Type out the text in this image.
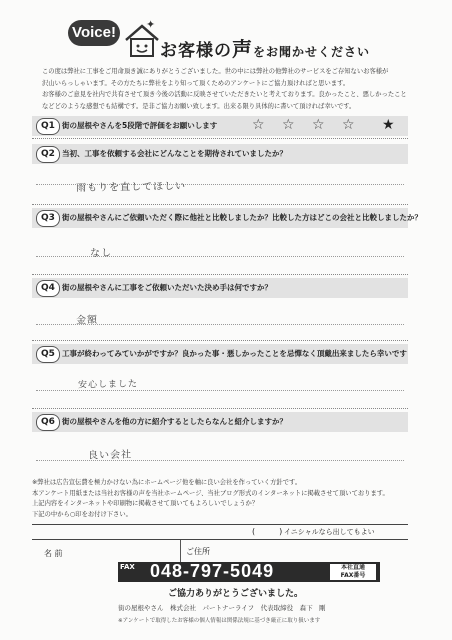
Voice!	✦
お客様の声をお聞かせください
この度は弊社に工事をご用命頂き誠にありがとうございました。世の中には弊社の他弊社のサービスをご存知ないお客様が
沢山いらっしゃいます。その方たちに弊社をより知って頂くためのアンケートにご協力頂ければと思います。
お客様のご意見を社内で共有させて頂き今後の活動に反映させていただきたいと考えております。良かったこと、悪しかったこと
などどのような感想でも結構です。是非ご協力お願い致します。出来る限り具体的に書いて頂ければ幸いです。
Q1 街の屋根やさんを5段階で評価をお願いします ☆ ☆ ☆ ☆ ★
Q2 当初、工事を依頼する会社にどんなことを期待されていましたか？
雨もりを直してほしい
Q3 街の屋根やさんにご依頼いただく際に他社と比較しましたか？比較した方はどこの会社と比較しましたか？
なし
Q4 街の屋根やさんに工事をご依頼いただいた決め手は何ですか？
金額
Q5 工事が終わってみていかがですか？良かった事・悪しかったことを忌憚なく頂戴出来ましたら幸いです
安心しました
Q6 街の屋根やさんを他の方に紹介するとしたらなんと紹介しますか？
良い会社
※弊社は広告宣伝費を極力かけない為にホームページ他を軸に良い会社を作っていく方針です。
本アンケート用紙または当社お客様の声を当社ホームページ、当社ブログ形式のインターネットに掲載させて頂いております。
上記内容をインターネットや印刷物に掲載させて頂いてもよろしいでしょうか？
下記の中から○印をお付け下さい。
(　　　) イニシャルなら出してもよい
名 前	ご住所
FAX 048-797-5049	本社直通
FAX番号
ご協力ありがとうございました。
街の屋根やさん　株式会社　パートナーライフ　代表取締役　森下　剛
※アンケートで取得したお客様の個人情報は関係法規に基づき厳正に取り扱います
